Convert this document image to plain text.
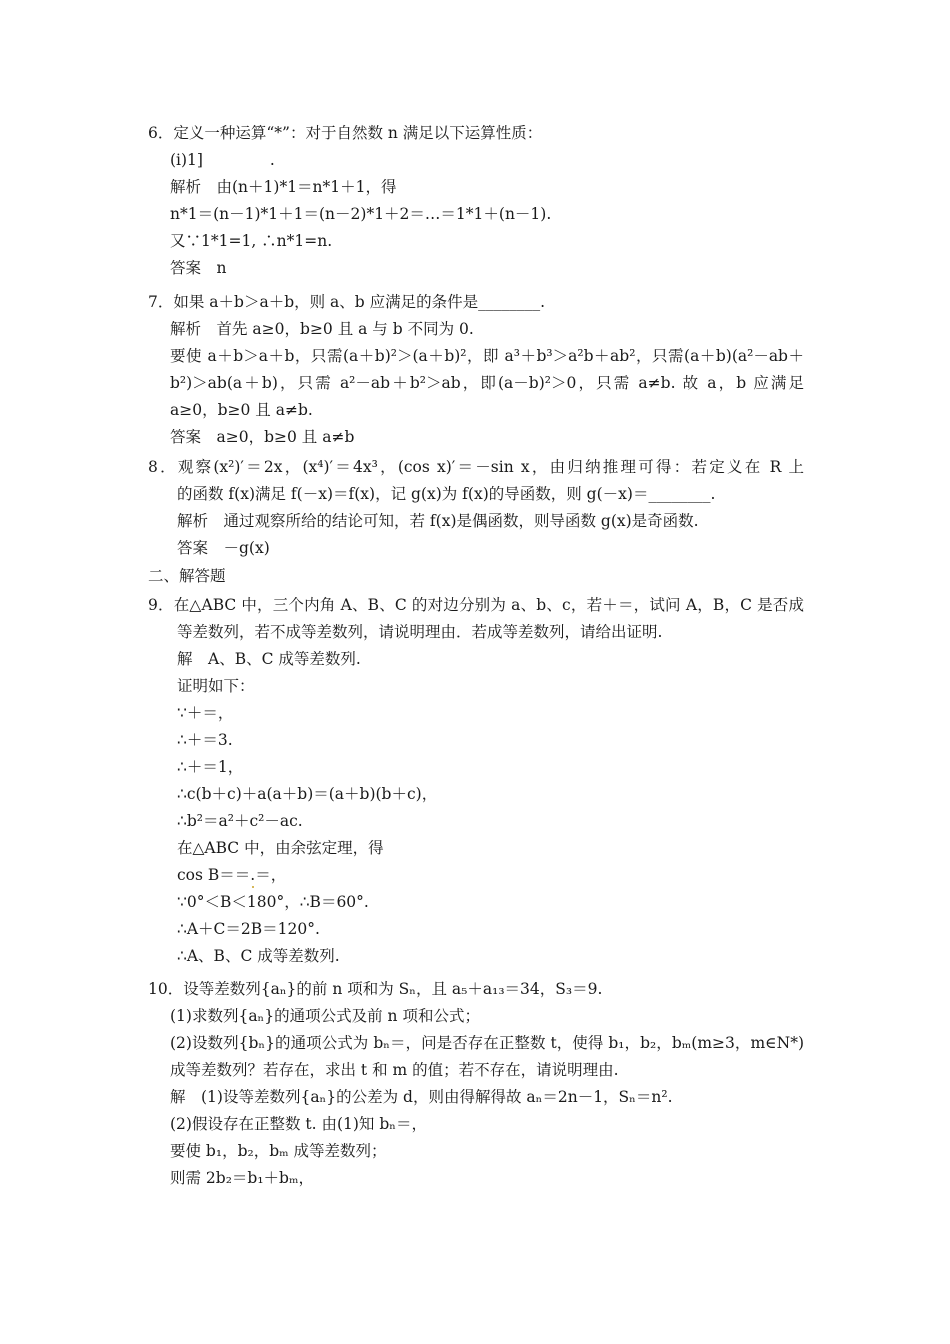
6．定义一种运算“*”：对于自然数 n 满足以下运算性质：
(ⅰ)1]　　　　 .
解析　由(n＋1)*1＝n*1＋1，得
n*1＝(n－1)*1＋1＝(n－2)*1＋2＝…＝1*1＋(n－1).
又∵1*1=1, ∴n*1=n.
答案　n
7．如果 a＋b＞a＋b，则 a、b 应满足的条件是________.
解析　首先 a≥0，b≥0 且 a 与 b 不同为 0.
要使 a＋b＞a＋b，只需(a＋b)²＞(a＋b)²，即 a³＋b³＞a²b＋ab²，只需(a＋b)(a²－ab＋
b²)＞ab(a＋b)，只需 a²－ab＋b²＞ab，即(a－b)²＞0，只需 a≠b. 故 a，b 应满足
a≥0，b≥0 且 a≠b.
答案　a≥0，b≥0 且 a≠b
8．观察(x²)′＝2x，(x⁴)′＝4x³，(cos x)′＝－sin x，由归纳推理可得：若定义在 R 上
的函数 f(x)满足 f(－x)＝f(x)，记 g(x)为 f(x)的导函数，则 g(－x)＝________.
解析　通过观察所给的结论可知，若 f(x)是偶函数，则导函数 g(x)是奇函数.
答案　－g(x)
二、解答题
9．在△ABC 中，三个内角 A、B、C 的对边分别为 a、b、c，若＋＝，试问 A，B，C 是否成
等差数列，若不成等差数列，请说明理由．若成等差数列，请给出证明.
解　A、B、C 成等差数列.
证明如下：
∵＋＝，
∴＋＝3.
∴＋＝1，
∴c(b＋c)＋a(a＋b)＝(a＋b)(b＋c)，
∴b²＝a²＋c²－ac.
在△ABC 中，由余弦定理，得
cos B＝＝.＝，
∵0°＜B＜180°，∴B＝60°.
∴A＋C＝2B＝120°.
∴A、B、C 成等差数列.
10．设等差数列{aₙ}的前 n 项和为 Sₙ，且 a₅＋a₁₃＝34，S₃＝9.
(1)求数列{aₙ}的通项公式及前 n 项和公式；
(2)设数列{bₙ}的通项公式为 bₙ＝，问是否存在正整数 t，使得 b₁，b₂，bₘ(m≥3，m∈N*)
成等差数列？若存在，求出 t 和 m 的值；若不存在，请说明理由.
解　(1)设等差数列{aₙ}的公差为 d，则由得解得故 aₙ＝2n－1，Sₙ＝n².
(2)假设存在正整数 t. 由(1)知 bₙ＝，
要使 b₁，b₂，bₘ 成等差数列；
则需 2b₂＝b₁＋bₘ，
